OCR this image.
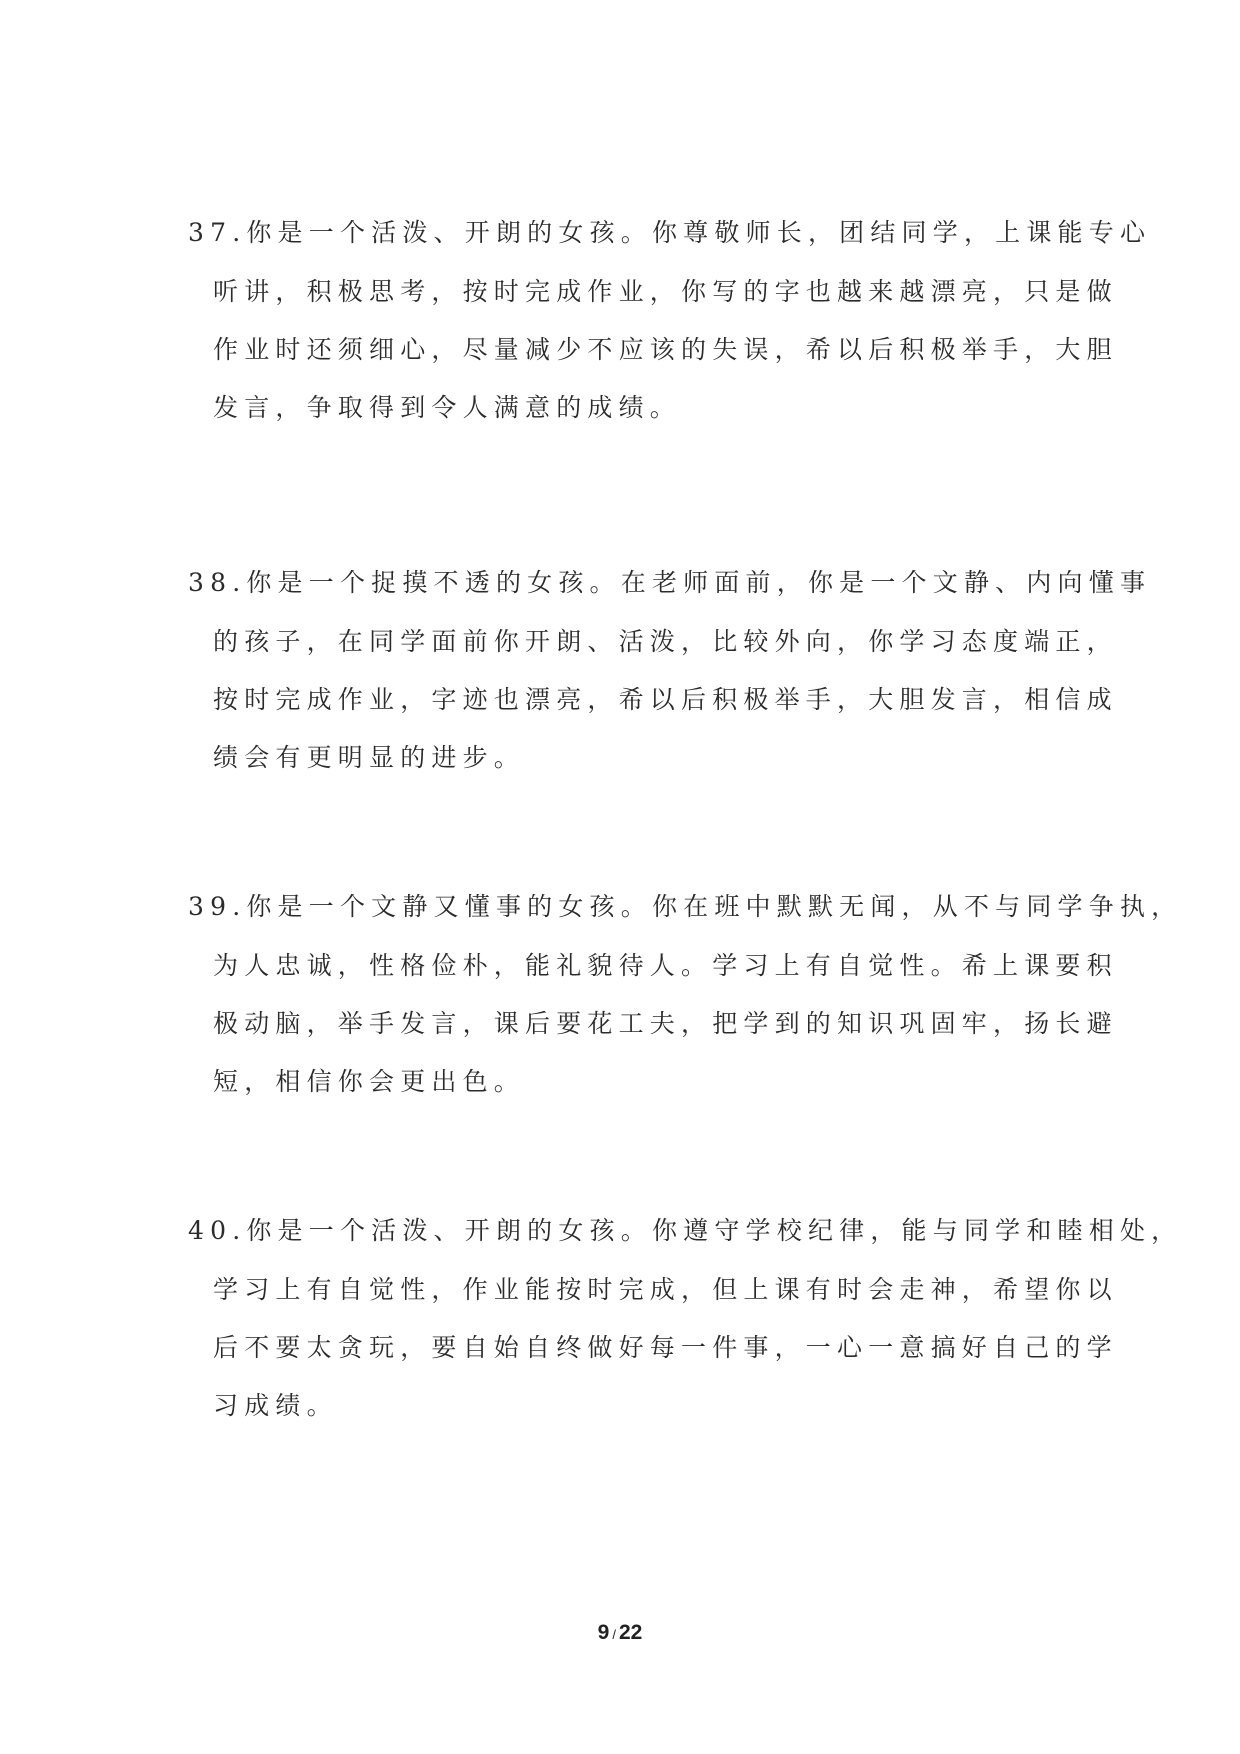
37.你是一个活泼、开朗的女孩。你尊敬师长，团结同学，上课能专心
听讲，积极思考，按时完成作业，你写的字也越来越漂亮，只是做
作业时还须细心，尽量减少不应该的失误，希以后积极举手，大胆
发言，争取得到令人满意的成绩。
38.你是一个捉摸不透的女孩。在老师面前，你是一个文静、内向懂事
的孩子，在同学面前你开朗、活泼，比较外向，你学习态度端正，
按时完成作业，字迹也漂亮，希以后积极举手，大胆发言，相信成
绩会有更明显的进步。
39.你是一个文静又懂事的女孩。你在班中默默无闻，从不与同学争执，
为人忠诚，性格俭朴，能礼貌待人。学习上有自觉性。希上课要积
极动脑，举手发言，课后要花工夫，把学到的知识巩固牢，扬长避
短，相信你会更出色。
40.你是一个活泼、开朗的女孩。你遵守学校纪律，能与同学和睦相处，
学习上有自觉性，作业能按时完成，但上课有时会走神，希望你以
后不要太贪玩，要自始自终做好每一件事，一心一意搞好自己的学
习成绩。
9 / 22
